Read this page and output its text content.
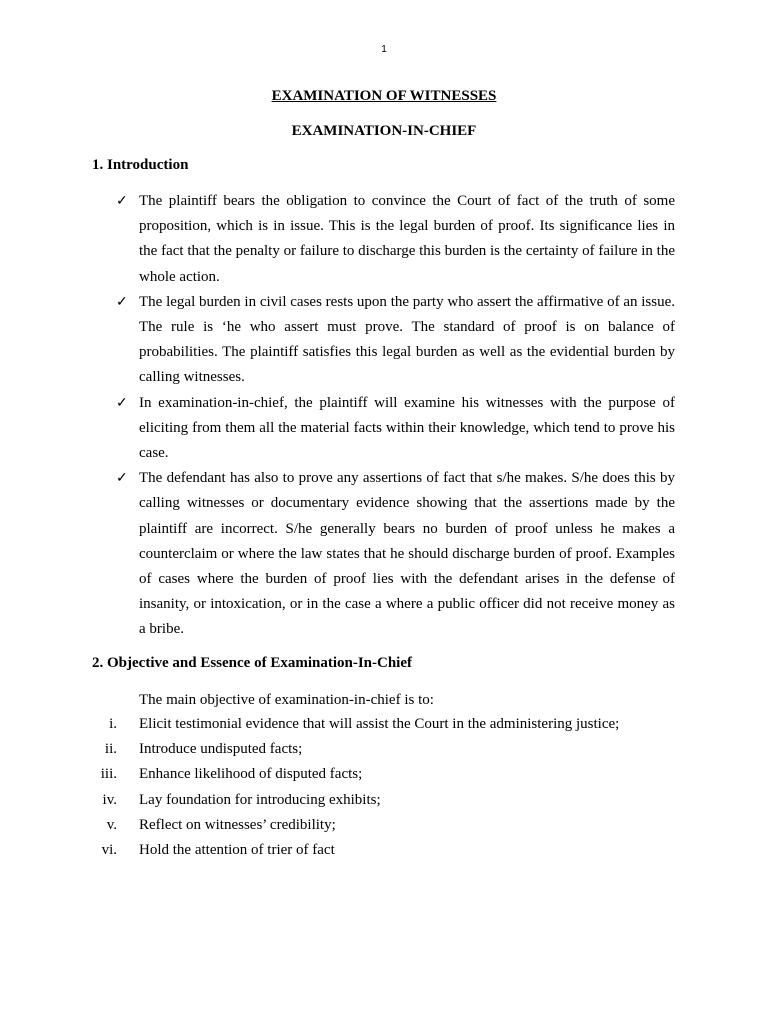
1
EXAMINATION OF WITNESSES
EXAMINATION-IN-CHIEF
1. Introduction
✓ The plaintiff bears the obligation to convince the Court of fact of the truth of some proposition, which is in issue. This is the legal burden of proof. Its significance lies in the fact that the penalty or failure to discharge this burden is the certainty of failure in the whole action.
✓ The legal burden in civil cases rests upon the party who assert the affirmative of an issue. The rule is ‘he who assert must prove. The standard of proof is on balance of probabilities. The plaintiff satisfies this legal burden as well as the evidential burden by calling witnesses.
✓ In examination-in-chief, the plaintiff will examine his witnesses with the purpose of eliciting from them all the material facts within their knowledge, which tend to prove his case.
✓ The defendant has also to prove any assertions of fact that s/he makes. S/he does this by calling witnesses or documentary evidence showing that the assertions made by the plaintiff are incorrect. S/he generally bears no burden of proof unless he makes a counterclaim or where the law states that he should discharge burden of proof. Examples of cases where the burden of proof lies with the defendant arises in the defense of insanity, or intoxication, or in the case a where a public officer did not receive money as a bribe.
2. Objective and Essence of Examination-In-Chief
The main objective of examination-in-chief is to:
i. Elicit testimonial evidence that will assist the Court in the administering justice;
ii. Introduce undisputed facts;
iii. Enhance likelihood of disputed facts;
iv. Lay foundation for introducing exhibits;
v. Reflect on witnesses’ credibility;
vi. Hold the attention of trier of fact
